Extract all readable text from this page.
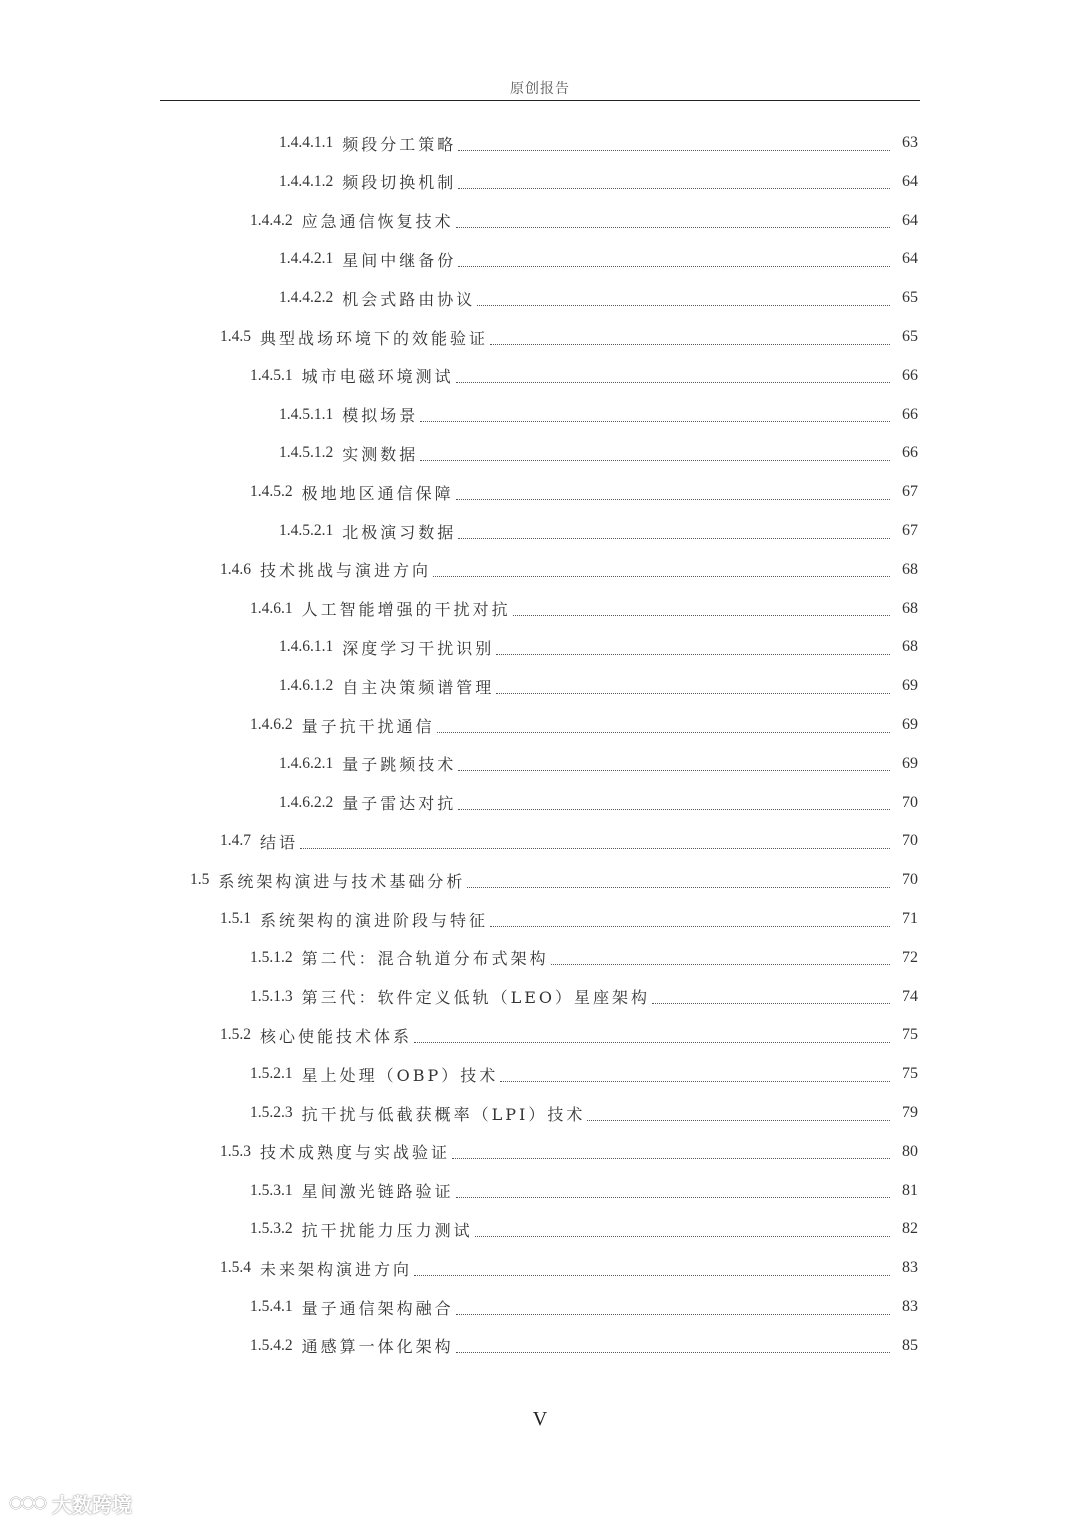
原创报告
1.4.4.1.1 频段分工策略	63
1.4.4.1.2 频段切换机制	64
1.4.4.2 应急通信恢复技术	64
1.4.4.2.1 星间中继备份	64
1.4.4.2.2 机会式路由协议	65
1.4.5 典型战场环境下的效能验证	65
1.4.5.1 城市电磁环境测试	66
1.4.5.1.1 模拟场景	66
1.4.5.1.2 实测数据	66
1.4.5.2 极地地区通信保障	67
1.4.5.2.1 北极演习数据	67
1.4.6 技术挑战与演进方向	68
1.4.6.1 人工智能增强的干扰对抗	68
1.4.6.1.1 深度学习干扰识别	68
1.4.6.1.2 自主决策频谱管理	69
1.4.6.2 量子抗干扰通信	69
1.4.6.2.1 量子跳频技术	69
1.4.6.2.2 量子雷达对抗	70
1.4.7 结语	70
1.5 系统架构演进与技术基础分析	70
1.5.1 系统架构的演进阶段与特征	71
1.5.1.2 第二代：混合轨道分布式架构	72
1.5.1.3 第三代：软件定义低轨（LEO）星座架构	74
1.5.2 核心使能技术体系	75
1.5.2.1 星上处理（OBP）技术	75
1.5.2.3 抗干扰与低截获概率（LPI）技术	79
1.5.3 技术成熟度与实战验证	80
1.5.3.1 星间激光链路验证	81
1.5.3.2 抗干扰能力压力测试	82
1.5.4 未来架构演进方向	83
1.5.4.1 量子通信架构融合	83
1.5.4.2 通感算一体化架构	85
V
大数跨境
